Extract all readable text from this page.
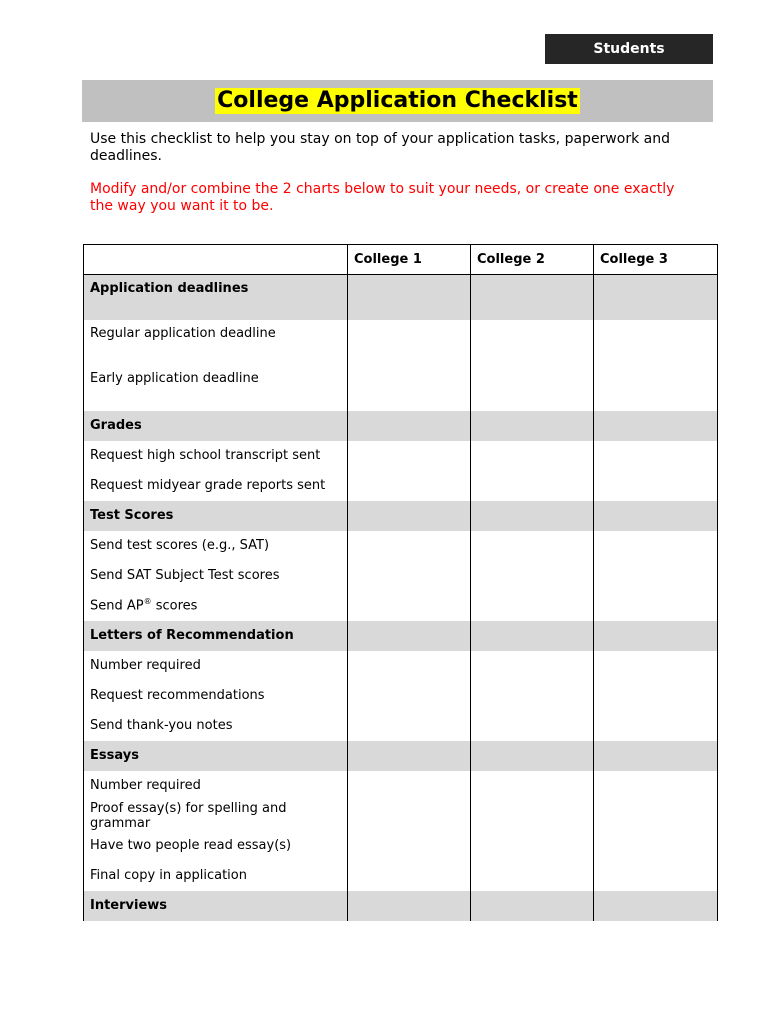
Students
College Application Checklist

Use this checklist to help you stay on top of your application tasks, paperwork and deadlines.

Modify and/or combine the 2 charts below to suit your needs, or create one exactly the way you want it to be.

	College 1	College 2	College 3
Application deadlines			
Regular application deadline			
Early application deadline			
Grades			
Request high school transcript sent			
Request midyear grade reports sent			
Test Scores			
Send test scores (e.g., SAT)			
Send SAT Subject Test scores			
Send AP® scores			
Letters of Recommendation			
Number required			
Request recommendations			
Send thank-you notes			
Essays			
Number required			
Proof essay(s) for spelling and grammar			
Have two people read essay(s)			
Final copy in application			
Interviews			
